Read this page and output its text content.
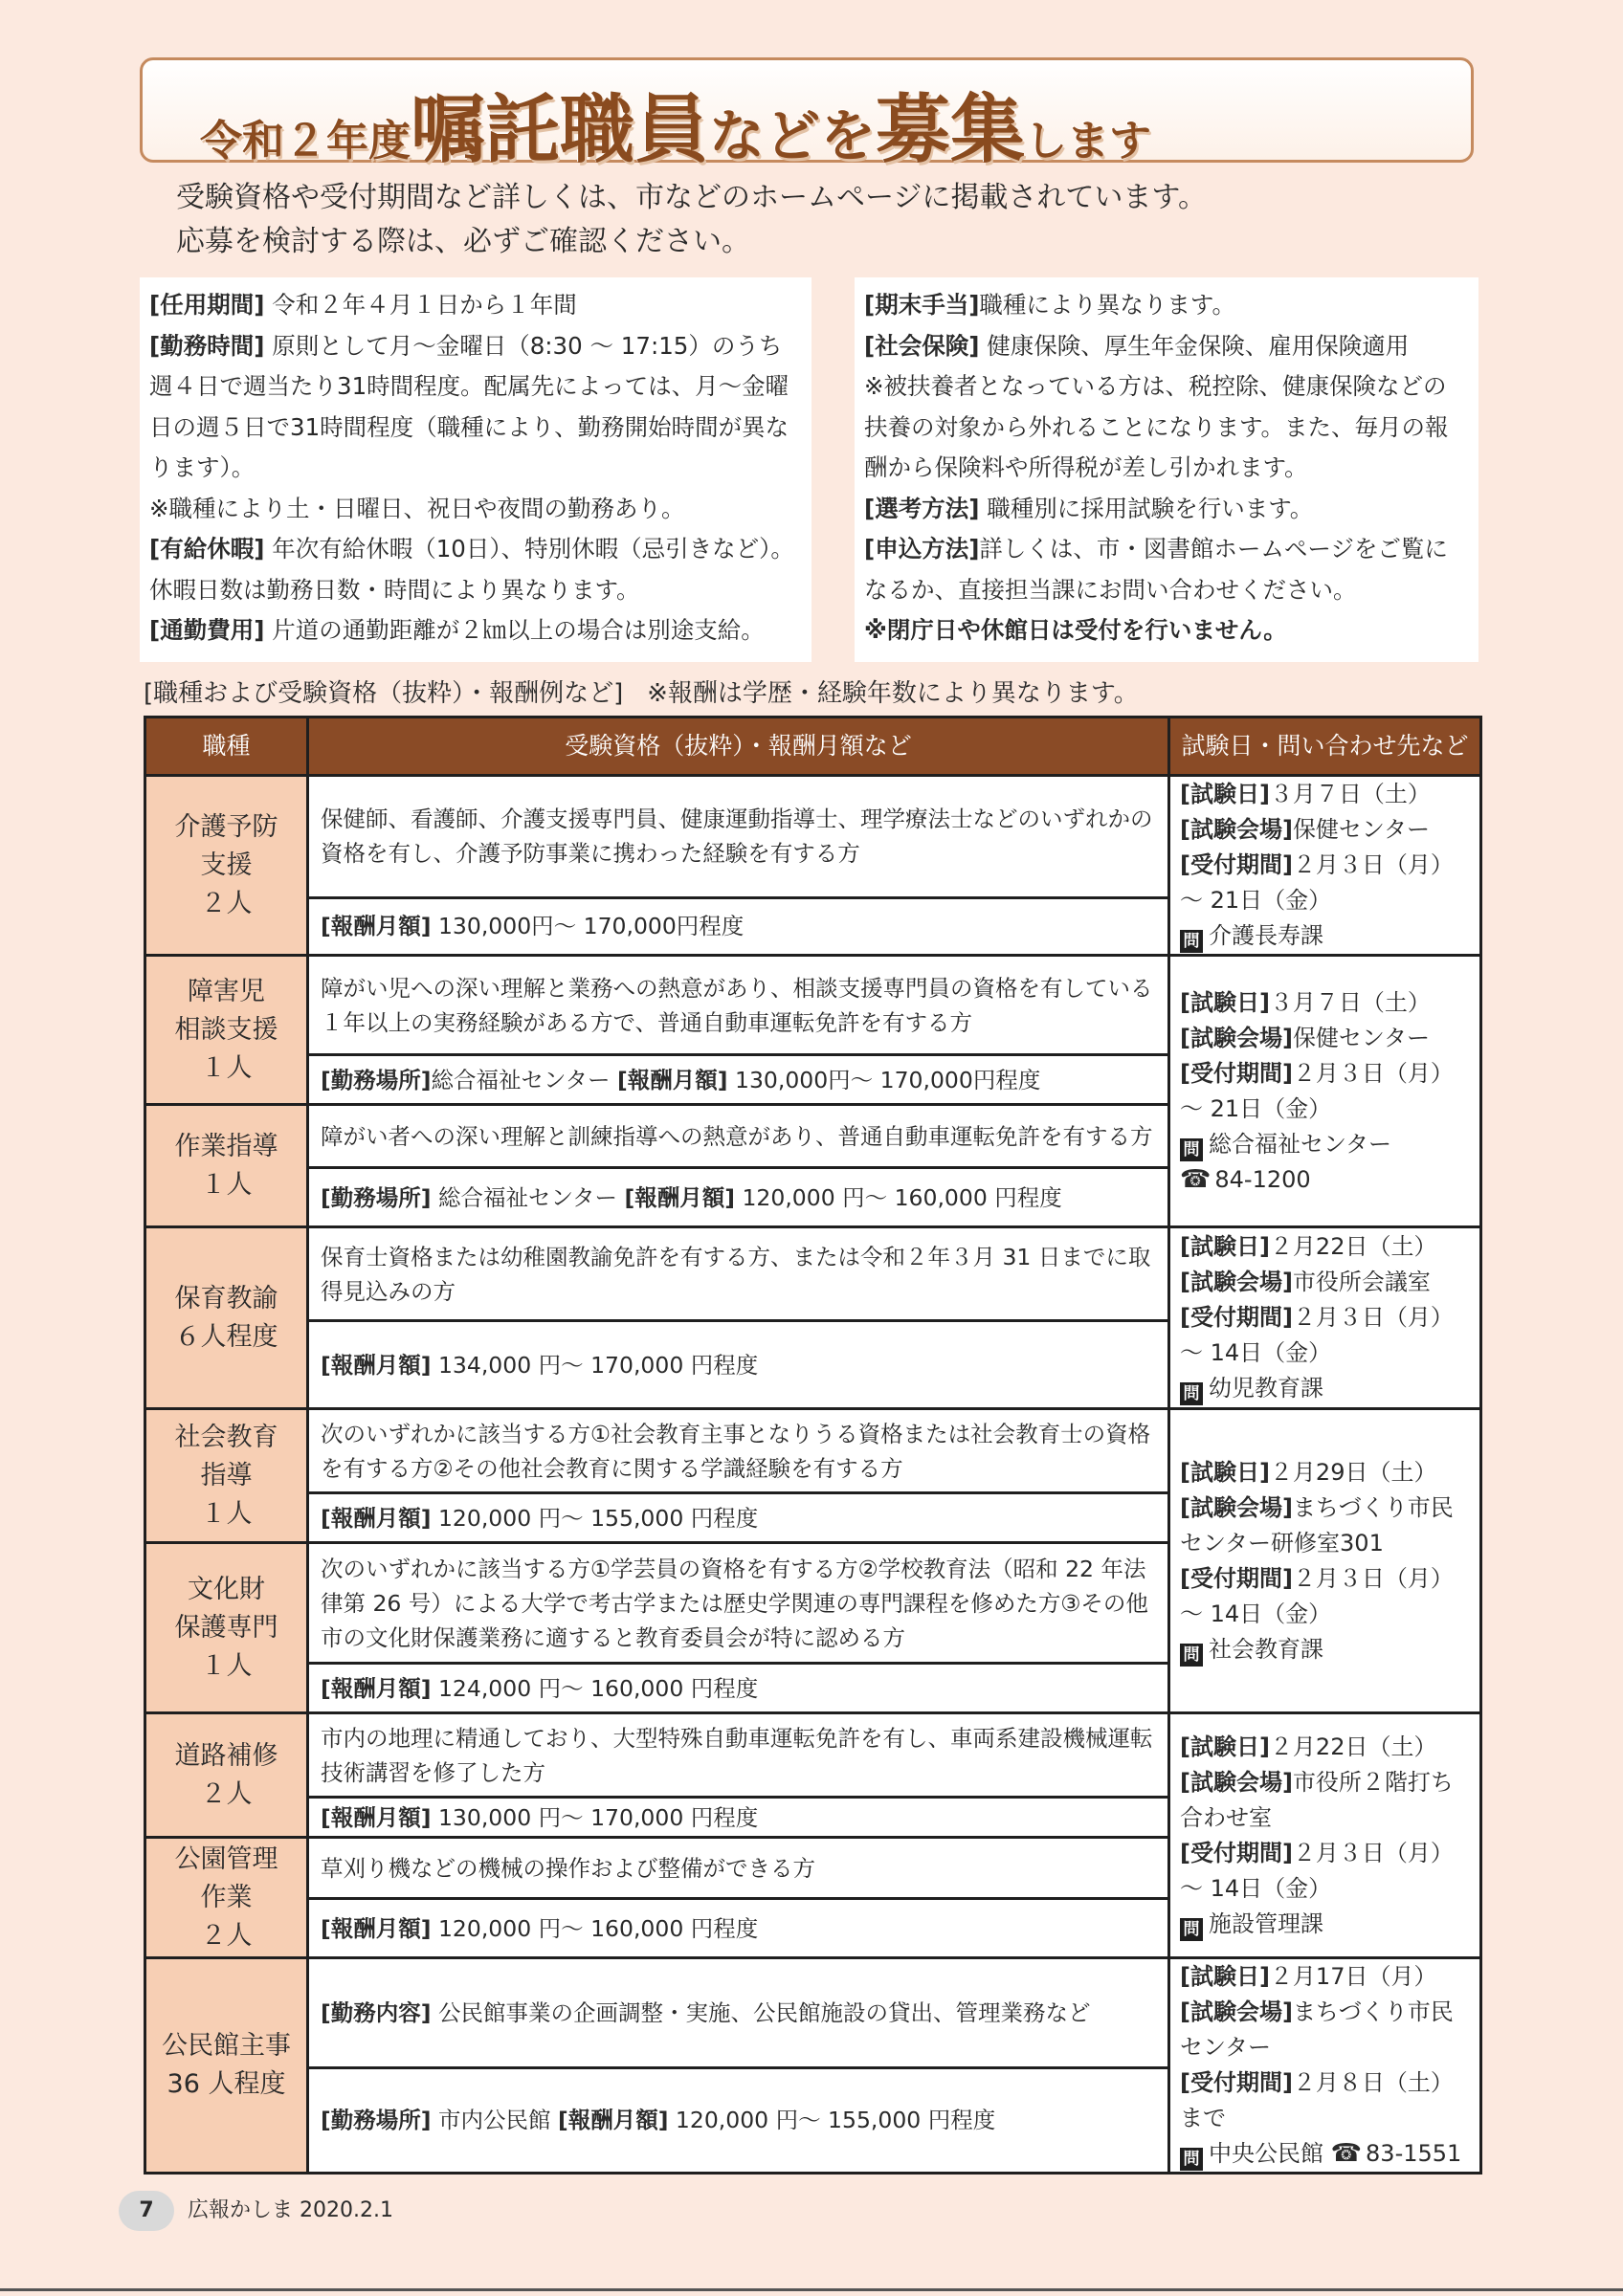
令和２年度嘱託職員などを募集します
受験資格や受付期間など詳しくは、市などのホームページに掲載されています。
応募を検討する際は、必ずご確認ください。
[任用期間] 令和２年４月１日から１年間
[勤務時間] 原則として月～金曜日（8:30 ～ 17:15）のうち週４日で週当たり31時間程度。配属先によっては、月～金曜日の週５日で31時間程度（職種により、勤務開始時間が異なります）。
※職種により土・日曜日、祝日や夜間の勤務あり。
[有給休暇] 年次有給休暇（10日）、特別休暇（忌引きなど）。休暇日数は勤務日数・時間により異なります。
[通勤費用] 片道の通勤距離が２㎞以上の場合は別途支給。
[期末手当]職種により異なります。
[社会保険] 健康保険、厚生年金保険、雇用保険適用
※被扶養者となっている方は、税控除、健康保険などの扶養の対象から外れることになります。また、毎月の報酬から保険料や所得税が差し引かれます。
[選考方法] 職種別に採用試験を行います。
[申込方法]詳しくは、市・図書館ホームページをご覧になるか、直接担当課にお問い合わせください。
※閉庁日や休館日は受付を行いません。
[職種および受験資格（抜粋）・報酬例など] ※報酬は学歴・経験年数により異なります。
職種	受験資格（抜粋）・報酬月額など	試験日・問い合わせ先など
介護予防
支援
２人	保健師、看護師、介護支援専門員、健康運動指導士、理学療法士などのいずれかの資格を有し、介護予防事業に携わった経験を有する方	[試験日]３月７日（土）
[試験会場]保健センター
[受付期間]２月３日（月） ～ 21日（金）
問 介護長寿課
	[報酬月額] 130,000円～ 170,000円程度	
障害児
相談支援
１人	障がい児への深い理解と業務への熱意があり、相談支援専門員の資格を有している１年以上の実務経験がある方で、普通自動車運転免許を有する方	[試験日]３月７日（土）
[試験会場]保健センター
[受付期間]２月３日（月） ～ 21日（金）
問 総合福祉センター
☎ 84-1200
	[勤務場所]総合福祉センター [報酬月額] 130,000円～ 170,000円程度	
作業指導
１人	障がい者への深い理解と訓練指導への熱意があり、普通自動車運転免許を有する方	
	[勤務場所] 総合福祉センター [報酬月額] 120,000 円～ 160,000 円程度	
保育教諭
６人程度	保育士資格または幼稚園教諭免許を有する方、または令和２年３月 31 日までに取得見込みの方	[試験日]２月22日（土）
[試験会場]市役所会議室
[受付期間]２月３日（月） ～ 14日（金）
問 幼児教育課
	[報酬月額] 134,000 円～ 170,000 円程度	
社会教育
指導
１人	次のいずれかに該当する方①社会教育主事となりうる資格または社会教育士の資格を有する方②その他社会教育に関する学識経験を有する方	[試験日]２月29日（土）
[試験会場]まちづくり市民センター研修室301
[受付期間]２月３日（月） ～ 14日（金）
問 社会教育課
	[報酬月額] 120,000 円～ 155,000 円程度	
文化財
保護専門
１人	次のいずれかに該当する方①学芸員の資格を有する方②学校教育法（昭和 22 年法律第 26 号）による大学で考古学または歴史学関連の専門課程を修めた方③その他市の文化財保護業務に適すると教育委員会が特に認める方	
	[報酬月額] 124,000 円～ 160,000 円程度	
道路補修
２人	市内の地理に精通しており、大型特殊自動車運転免許を有し、車両系建設機械運転技術講習を修了した方	[試験日]２月22日（土）
[試験会場]市役所２階打ち合わせ室
[受付期間]２月３日（月） ～ 14日（金）
問 施設管理課
	[報酬月額] 130,000 円～ 170,000 円程度	
公園管理
作業
２人	草刈り機などの機械の操作および整備ができる方	
	[報酬月額] 120,000 円～ 160,000 円程度	
公民館主事
36 人程度	[勤務内容] 公民館事業の企画調整・実施、公民館施設の貸出、管理業務など	[試験日]２月17日（月）
[試験会場]まちづくり市民センター
[受付期間]２月８日（土）まで
問 中央公民館 ☎ 83-1551
	[勤務場所] 市内公民館 [報酬月額] 120,000 円～ 155,000 円程度	
7 広報かしま 2020.2.1
